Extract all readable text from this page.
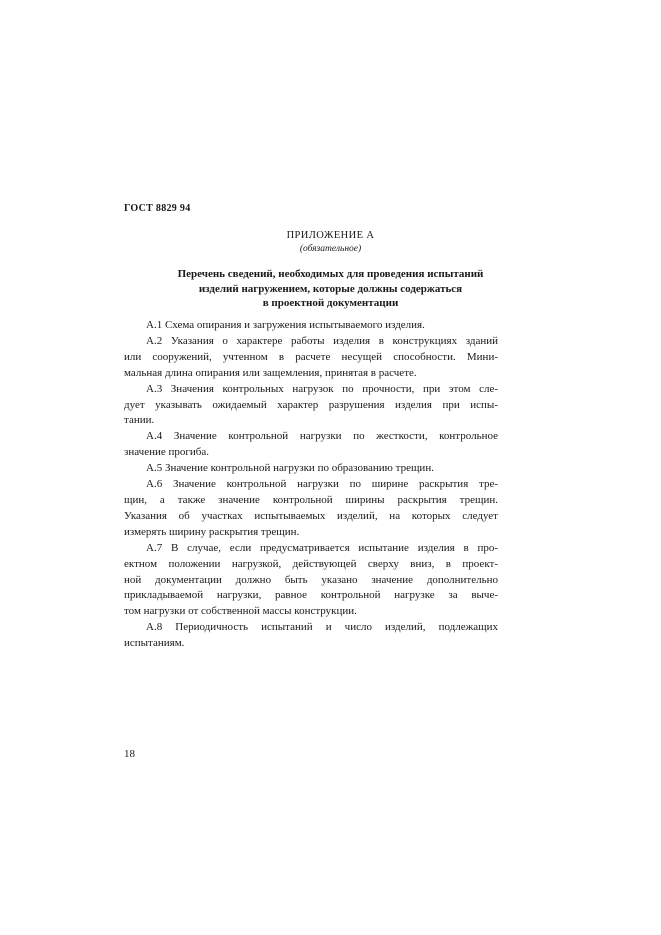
ГОСТ 8829 94
ПРИЛОЖЕНИЕ А
(обязательное)
Перечень сведений, необходимых для проведения испытаний
изделий нагружением, которые должны содержаться
в проектной документации
А.1 Схема опирания и загружения испытываемого изделия.
А.2 Указания о характере работы изделия в конструкциях зданий
или сооружений, учтенном в расчете несущей способности. Мини-
мальная длина опирания или защемления, принятая в расчете.
А.3 Значения контрольных нагрузок по прочности, при этом сле-
дует указывать ожидаемый характер разрушения изделия при испы-
тании.
А.4 Значение контрольной нагрузки по жесткости, контрольное
значение прогиба.
А.5 Значение контрольной нагрузки по образованию трещин.
А.6 Значение контрольной нагрузки по ширине раскрытия тре-
щин, а также значение контрольной ширины раскрытия трещин.
Указания об участках испытываемых изделий, на которых следует
измерять ширину раскрытия трещин.
А.7 В случае, если предусматривается испытание изделия в про-
ектном положении нагрузкой, действующей сверху вниз, в проект-
ной документации должно быть указано значение дополнительно
прикладываемой нагрузки, равное контрольной нагрузке за выче-
том нагрузки от собственной массы конструкции.
А.8 Периодичность испытаний и число изделий, подлежащих
испытаниям.
18
